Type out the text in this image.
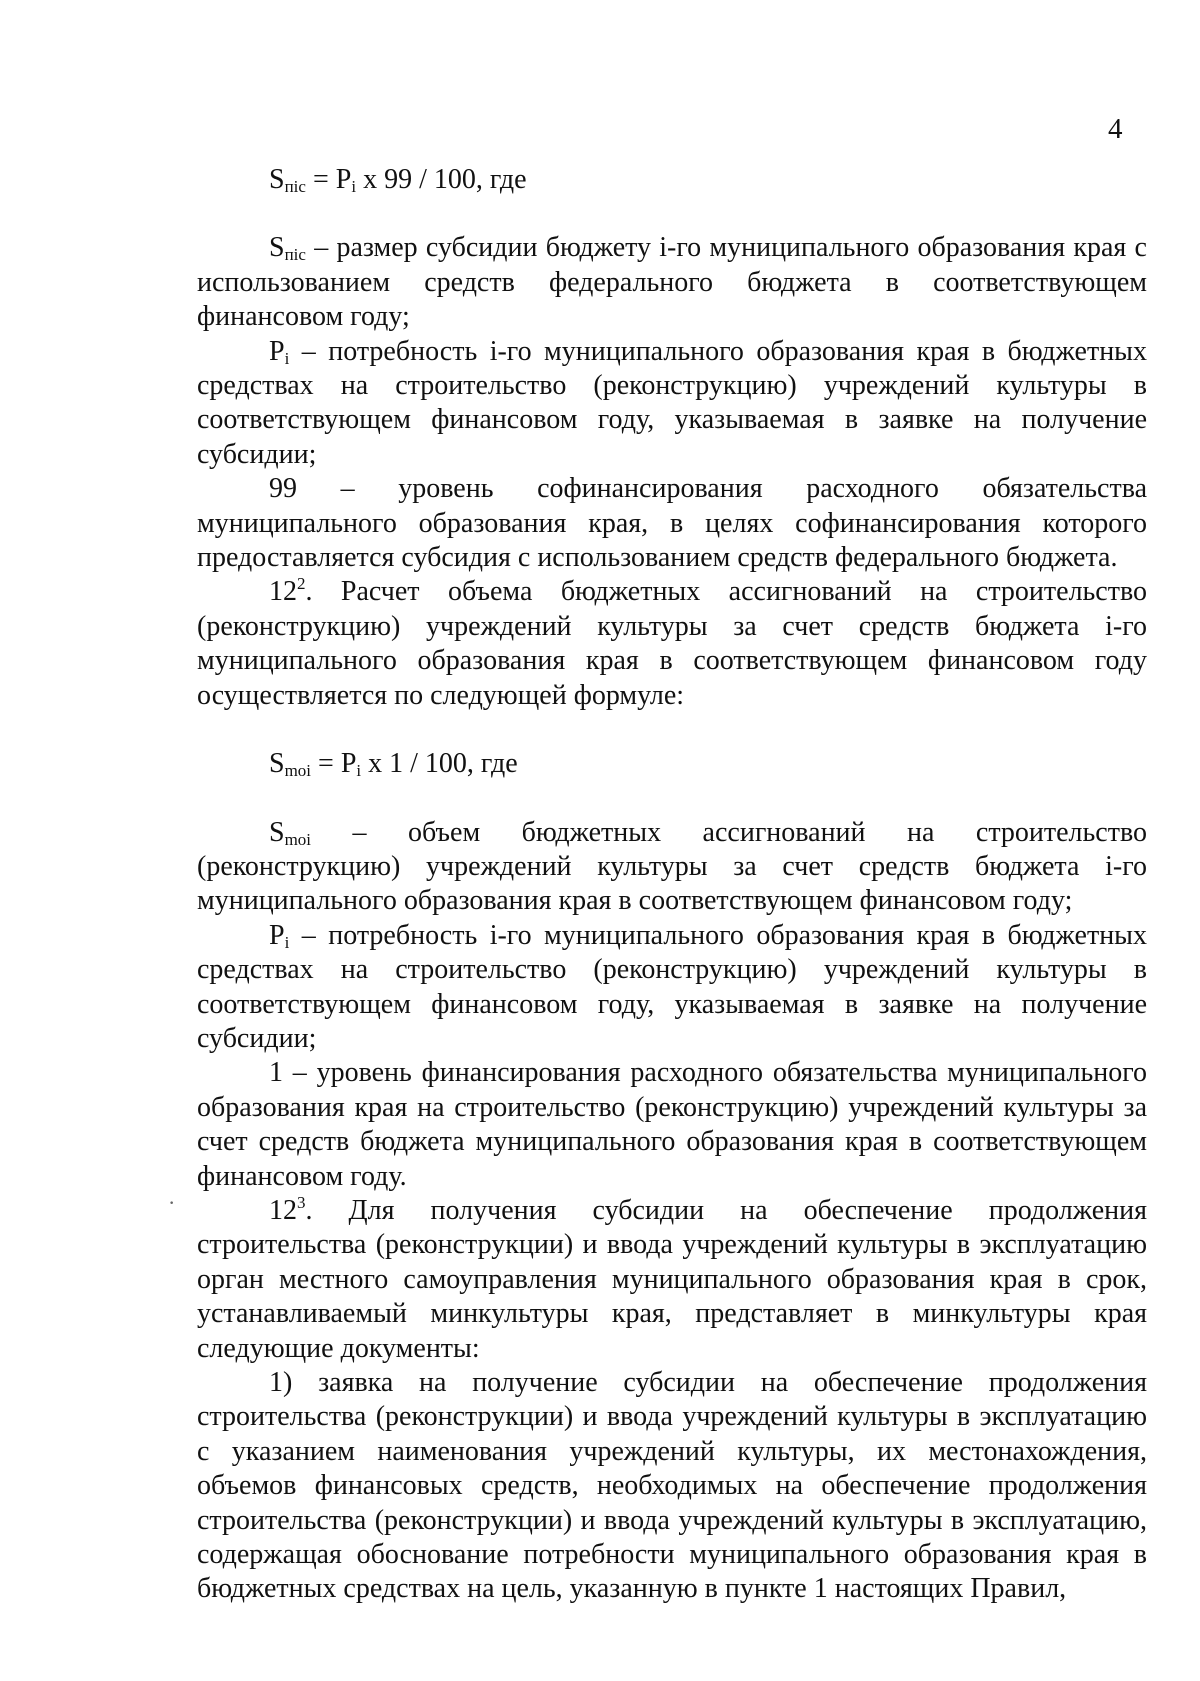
4
$S_{пic} = P_i$ x 99 / 100, где

$S_{пic}$ – размер субсидии бюджету i-го муниципального образования края с использованием средств федерального бюджета в соответствующем финансовом году;

$P_i$ – потребность i-го муниципального образования края в бюджетных средствах на строительство (реконструкцию) учреждений культуры в соответствующем финансовом году, указываемая в заявке на получение субсидии;

99 – уровень софинансирования расходного обязательства муниципального образования края, в целях софинансирования которого предоставляется субсидия с использованием средств федерального бюджета.

$12^2$. Расчет объема бюджетных ассигнований на строительство (реконструкцию) учреждений культуры за счет средств бюджета i-го муниципального образования края в соответствующем финансовом году осуществляется по следующей формуле:

$S_{moi} = P_i$ x 1 / 100, где

$S_{moi}$ – объем бюджетных ассигнований на строительство (реконструкцию) учреждений культуры за счет средств бюджета i-го муниципального образования края в соответствующем финансовом году;

$P_i$ – потребность i-го муниципального образования края в бюджетных средствах на строительство (реконструкцию) учреждений культуры в соответствующем финансовом году, указываемая в заявке на получение субсидии;

1 – уровень финансирования расходного обязательства муниципального образования края на строительство (реконструкцию) учреждений культуры за счет средств бюджета муниципального образования края в соответствующем финансовом году.

$12^3$. Для получения субсидии на обеспечение продолжения строительства (реконструкции) и ввода учреждений культуры в эксплуатацию орган местного самоуправления муниципального образования края в срок, устанавливаемый минкультуры края, представляет в минкультуры края следующие документы:

1) заявка на получение субсидии на обеспечение продолжения строительства (реконструкции) и ввода учреждений культуры в эксплуатацию с указанием наименования учреждений культуры, их местонахождения, объемов финансовых средств, необходимых на обеспечение продолжения строительства (реконструкции) и ввода учреждений культуры в эксплуатацию, содержащая обоснование потребности муниципального образования края в бюджетных средствах на цель, указанную в пункте 1 настоящих Правил,

·
